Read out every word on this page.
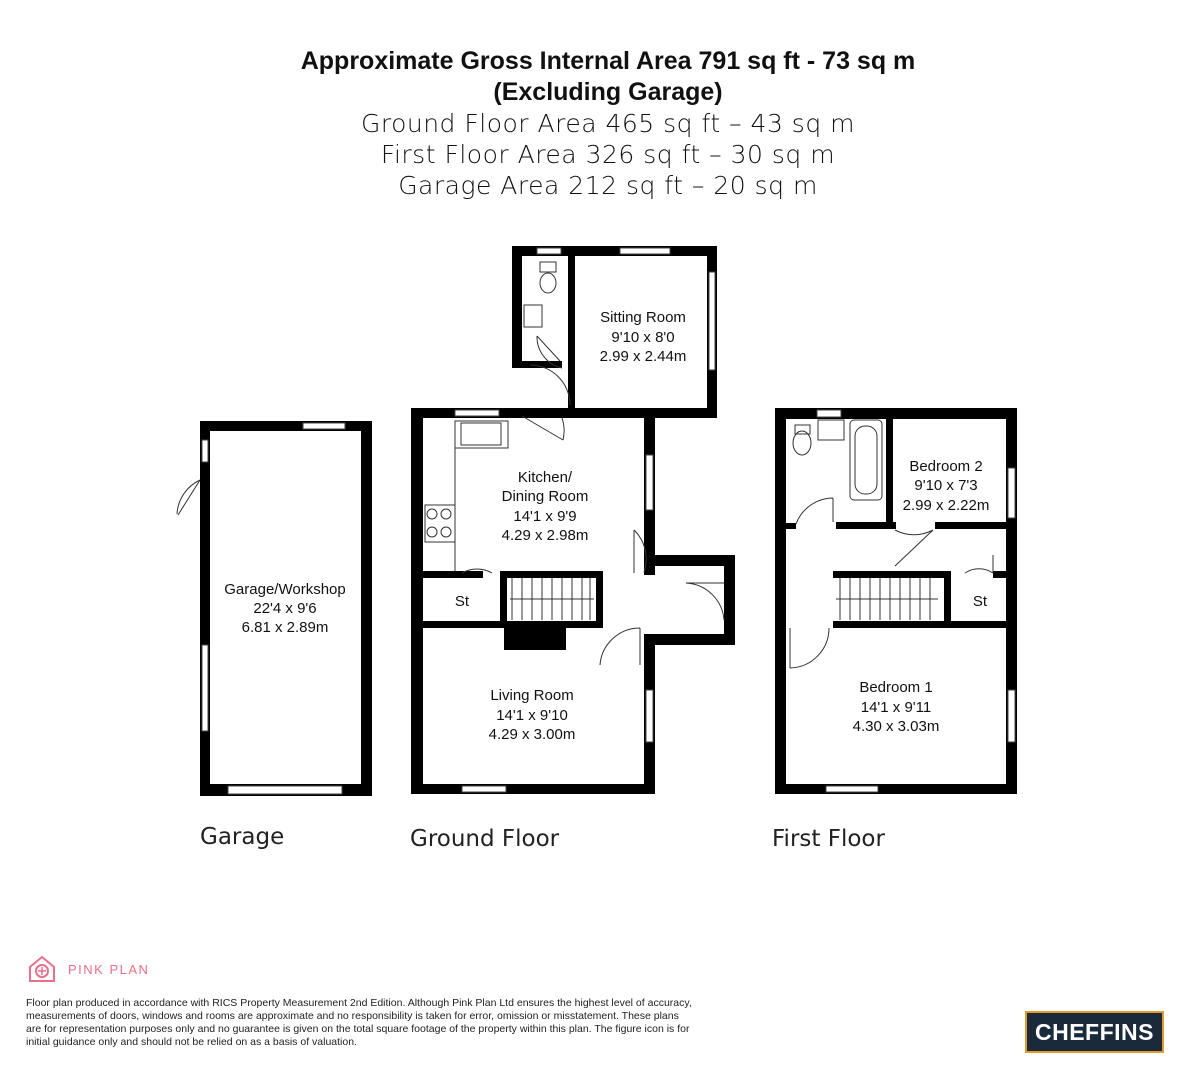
Approximate Gross Internal Area 791 sq ft - 73 sq m
(Excluding Garage)
Ground Floor Area 465 sq ft – 43 sq m
First Floor Area 326 sq ft – 30 sq m
Garage Area 212 sq ft – 20 sq m
Sitting Room
9'10 x 8'0
2.99 x 2.44m
Kitchen/
Dining Room
14'1 x 9'9
4.29 x 2.98m
St
Living Room
14'1 x 9'10
4.29 x 3.00m
Garage/Workshop
22'4 x 9'6
6.81 x 2.89m
Bedroom 2
9'10 x 7'3
2.99 x 2.22m
St
Bedroom 1
14'1 x 9'11
4.30 x 3.03m
Garage	Ground Floor	First Floor
PINK PLAN
Floor plan produced in accordance with RICS Property Measurement 2nd Edition. Although Pink Plan Ltd ensures the highest level of accuracy, measurements of doors, windows and rooms are approximate and no responsibility is taken for error, omission or misstatement. These plans are for representation purposes only and no guarantee is given on the total square footage of the property within this plan. The figure icon is for initial guidance only and should not be relied on as a basis of valuation.	CHEFFINS
